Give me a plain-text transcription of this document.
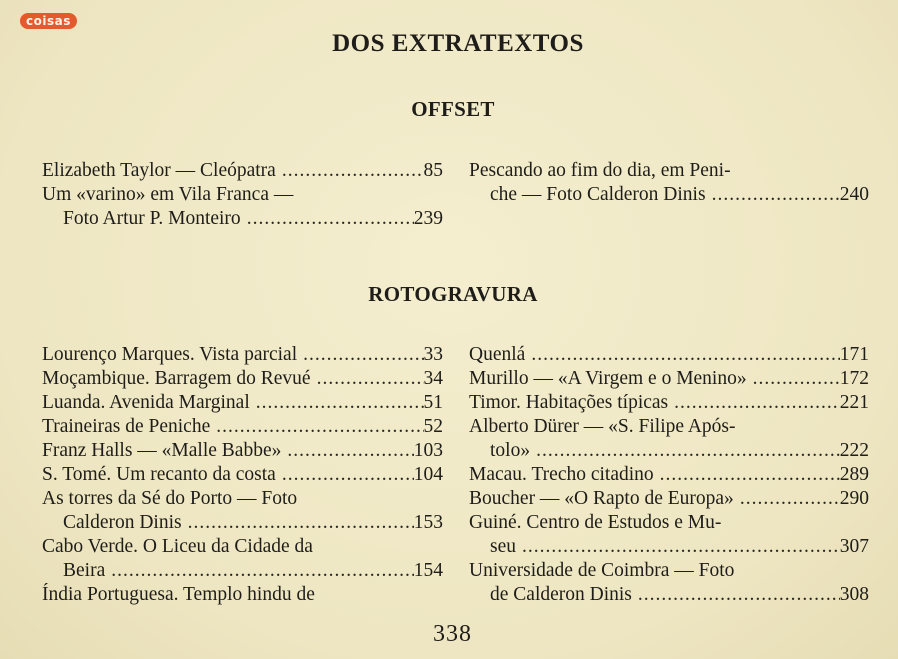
coisas
DOS EXTRATEXTOS
OFFSET
Elizabeth Taylor — Cleópatra .....	85
Um «varino» em Vila Franca —
Foto Artur P. Monteiro .....	239
Pescando ao fim do dia, em Peni-
che — Foto Calderon Dinis .....	240
ROTOGRAVURA
Lourenço Marques. Vista parcial .....	33
Moçambique. Barragem do Revué .....	34
Luanda. Avenida Marginal .....	51
Traineiras de Peniche .....	52
Franz Halls — «Malle Babbe» .....	103
S. Tomé. Um recanto da costa .....	104
As torres da Sé do Porto — Foto
Calderon Dinis .....	153
Cabo Verde. O Liceu da Cidade da
Beira .....	154
Índia Portuguesa. Templo hindu de
Quenlá .....	171
Murillo — «A Virgem e o Menino» .....	172
Timor. Habitações típicas .....	221
Alberto Dürer — «S. Filipe Após-
tolo» .....	222
Macau. Trecho citadino .....	289
Boucher — «O Rapto de Europa» .....	290
Guiné. Centro de Estudos e Mu-
seu .....	307
Universidade de Coimbra — Foto
de Calderon Dinis .....	308
338
